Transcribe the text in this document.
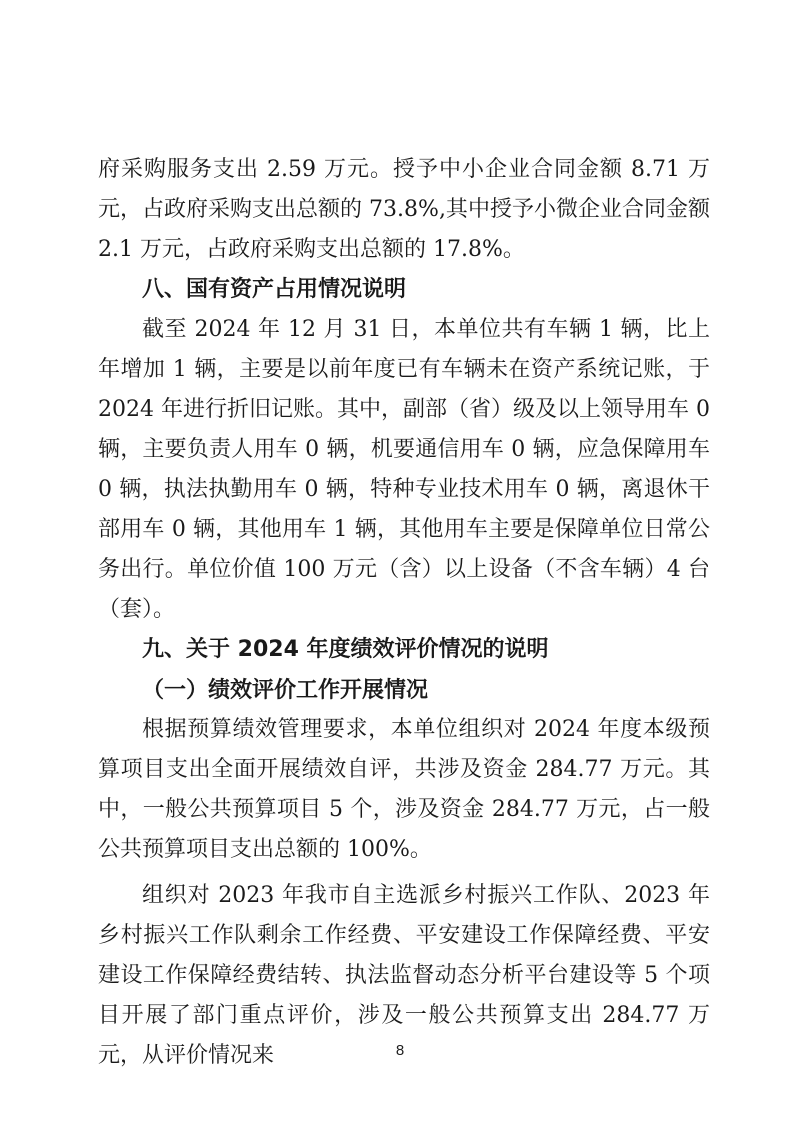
府采购服务支出 2.59 万元。授予中小企业合同金额 8.71 万元，占政府采购支出总额的 73.8%,其中授予小微企业合同金额 2.1 万元，占政府采购支出总额的 17.8%。

八、国有资产占用情况说明

截至 2024 年 12 月 31 日，本单位共有车辆 1 辆，比上年增加 1 辆，主要是以前年度已有车辆未在资产系统记账，于 2024 年进行折旧记账。其中，副部（省）级及以上领导用车 0 辆，主要负责人用车 0 辆，机要通信用车 0 辆，应急保障用车 0 辆，执法执勤用车 0 辆，特种专业技术用车 0 辆，离退休干部用车 0 辆，其他用车 1 辆，其他用车主要是保障单位日常公务出行。单位价值 100 万元（含）以上设备（不含车辆）4 台（套）。

九、关于 2024 年度绩效评价情况的说明

（一）绩效评价工作开展情况

根据预算绩效管理要求，本单位组织对 2024 年度本级预算项目支出全面开展绩效自评，共涉及资金 284.77 万元。其中，一般公共预算项目 5 个，涉及资金 284.77 万元，占一般公共预算项目支出总额的 100%。

组织对 2023 年我市自主选派乡村振兴工作队、2023 年乡村振兴工作队剩余工作经费、平安建设工作保障经费、平安建设工作保障经费结转、执法监督动态分析平台建设等 5 个项目开展了部门重点评价，涉及一般公共预算支出 284.77 万元，从评价情况来	8
